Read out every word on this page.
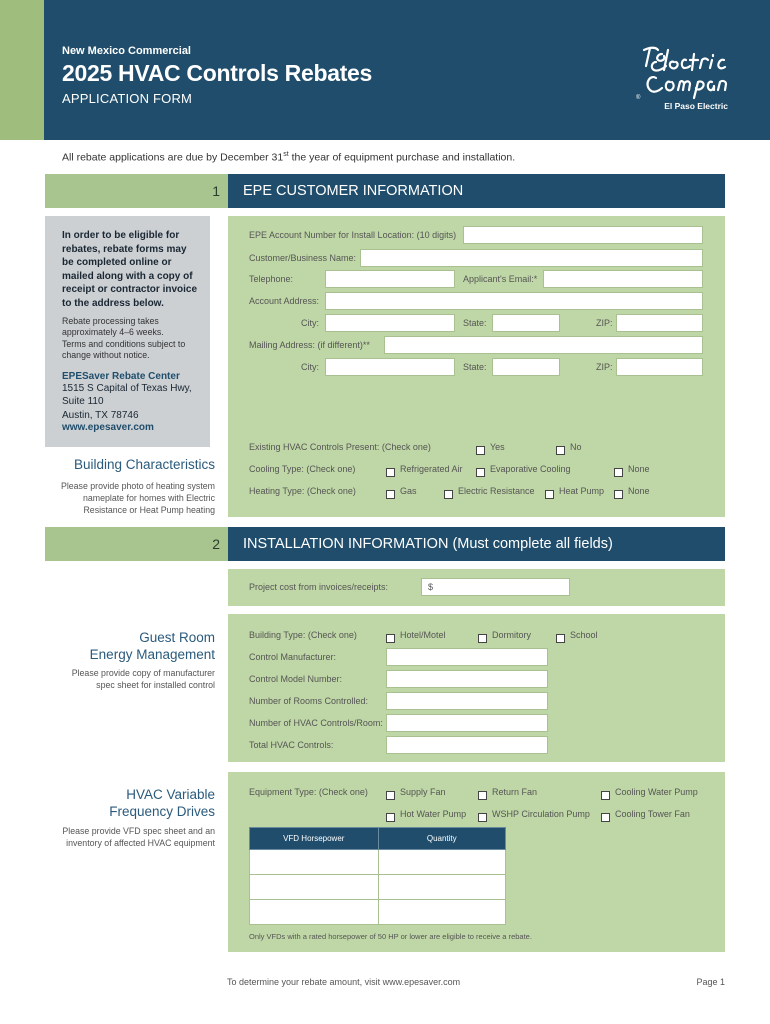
New Mexico Commercial
2025 HVAC Controls Rebates
APPLICATION FORM	®
El Paso Electric
All rebate applications are due by December 31st the year of equipment purchase and installation.
1	EPE CUSTOMER INFORMATION
In order to be eligible for
rebates, rebate forms may
be completed online or
mailed along with a copy of
receipt or contractor invoice
to the address below.
Rebate processing takes
approximately 4–6 weeks.
Terms and conditions subject to
change without notice.
EPESaver Rebate Center
1515 S Capital of Texas Hwy,
Suite 110
Austin, TX 78746
www.epesaver.com
EPE Account Number for Install Location: (10 digits)
Customer/Business Name:
Telephone:	Applicant's Email:*
Account Address:
City:	State:	ZIP:
Mailing Address: (if different)**
City:	State:	ZIP:
Building Characteristics
Please provide photo of heating system
nameplate for homes with Electric
Resistance or Heat Pump heating
Existing HVAC Controls Present: (Check one)	Yes	No
Cooling Type: (Check one)	Refrigerated Air	Evaporative Cooling	None
Heating Type: (Check one)	Gas	Electric Resistance	Heat Pump	None
2	INSTALLATION INFORMATION (Must complete all fields)
Project cost from invoices/receipts:	$
Guest Room
Energy Management
Please provide copy of manufacturer
spec sheet for installed control
Building Type: (Check one)	Hotel/Motel	Dormitory	School
Control Manufacturer:
Control Model Number:
Number of Rooms Controlled:
Number of HVAC Controls/Room:
Total HVAC Controls:
HVAC Variable
Frequency Drives
Please provide VFD spec sheet and an
inventory of affected HVAC equipment
Equipment Type: (Check one)	Supply Fan	Return Fan	Cooling Water Pump
Hot Water Pump	WSHP Circulation Pump	Cooling Tower Fan
VFD Horsepower	Quantity

Only VFDs with a rated horsepower of 50 HP or lower are eligible to receive a rebate.
To determine your rebate amount, visit www.epesaver.com	Page 1
